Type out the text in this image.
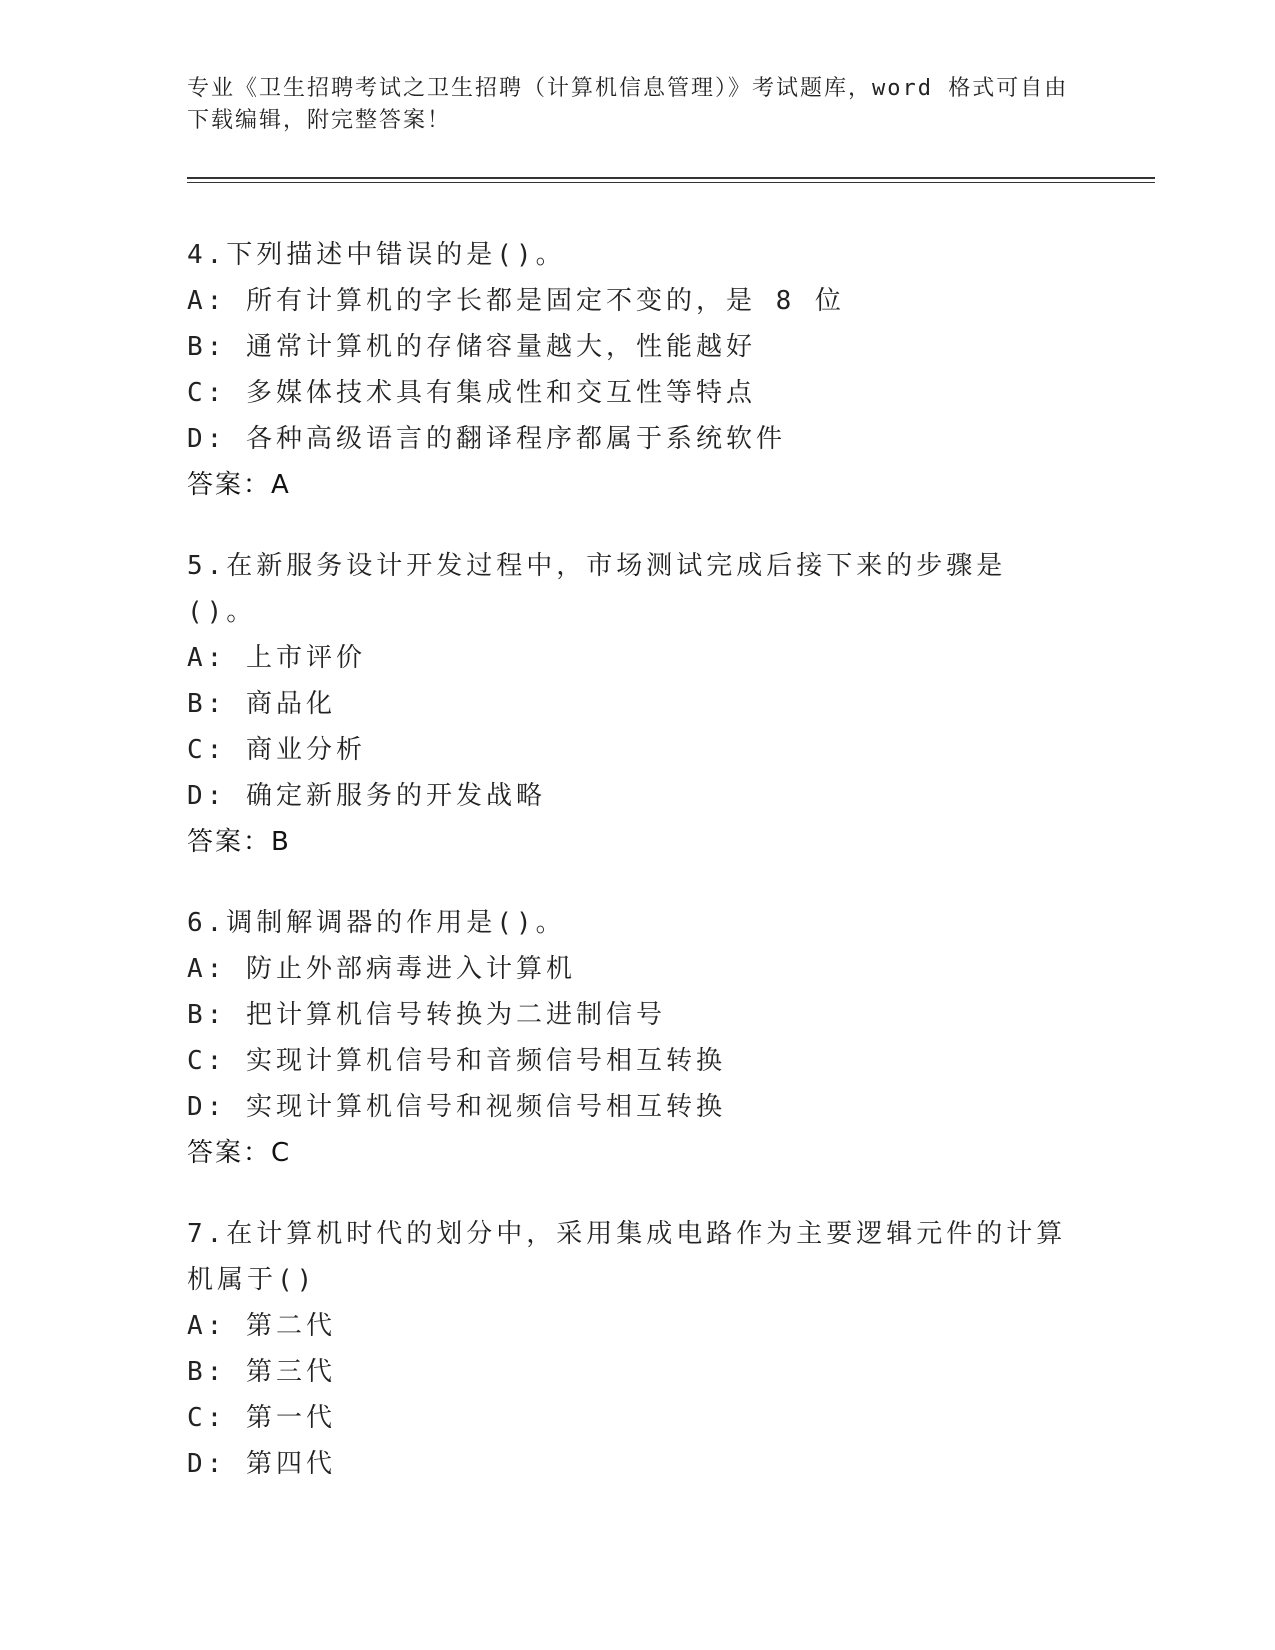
专业《卫生招聘考试之卫生招聘（计算机信息管理）》考试题库，word 格式可自由下载编辑，附完整答案！
4.下列描述中错误的是()。
A: 所有计算机的字长都是固定不变的，是 8 位
B: 通常计算机的存储容量越大，性能越好
C: 多媒体技术具有集成性和交互性等特点
D: 各种高级语言的翻译程序都属于系统软件
答案：A
5.在新服务设计开发过程中，市场测试完成后接下来的步骤是()。
A: 上市评价
B: 商品化
C: 商业分析
D: 确定新服务的开发战略
答案：B
6.调制解调器的作用是()。
A: 防止外部病毒进入计算机
B: 把计算机信号转换为二进制信号
C: 实现计算机信号和音频信号相互转换
D: 实现计算机信号和视频信号相互转换
答案：C
7.在计算机时代的划分中，采用集成电路作为主要逻辑元件的计算机属于()
A: 第二代
B: 第三代
C: 第一代
D: 第四代
